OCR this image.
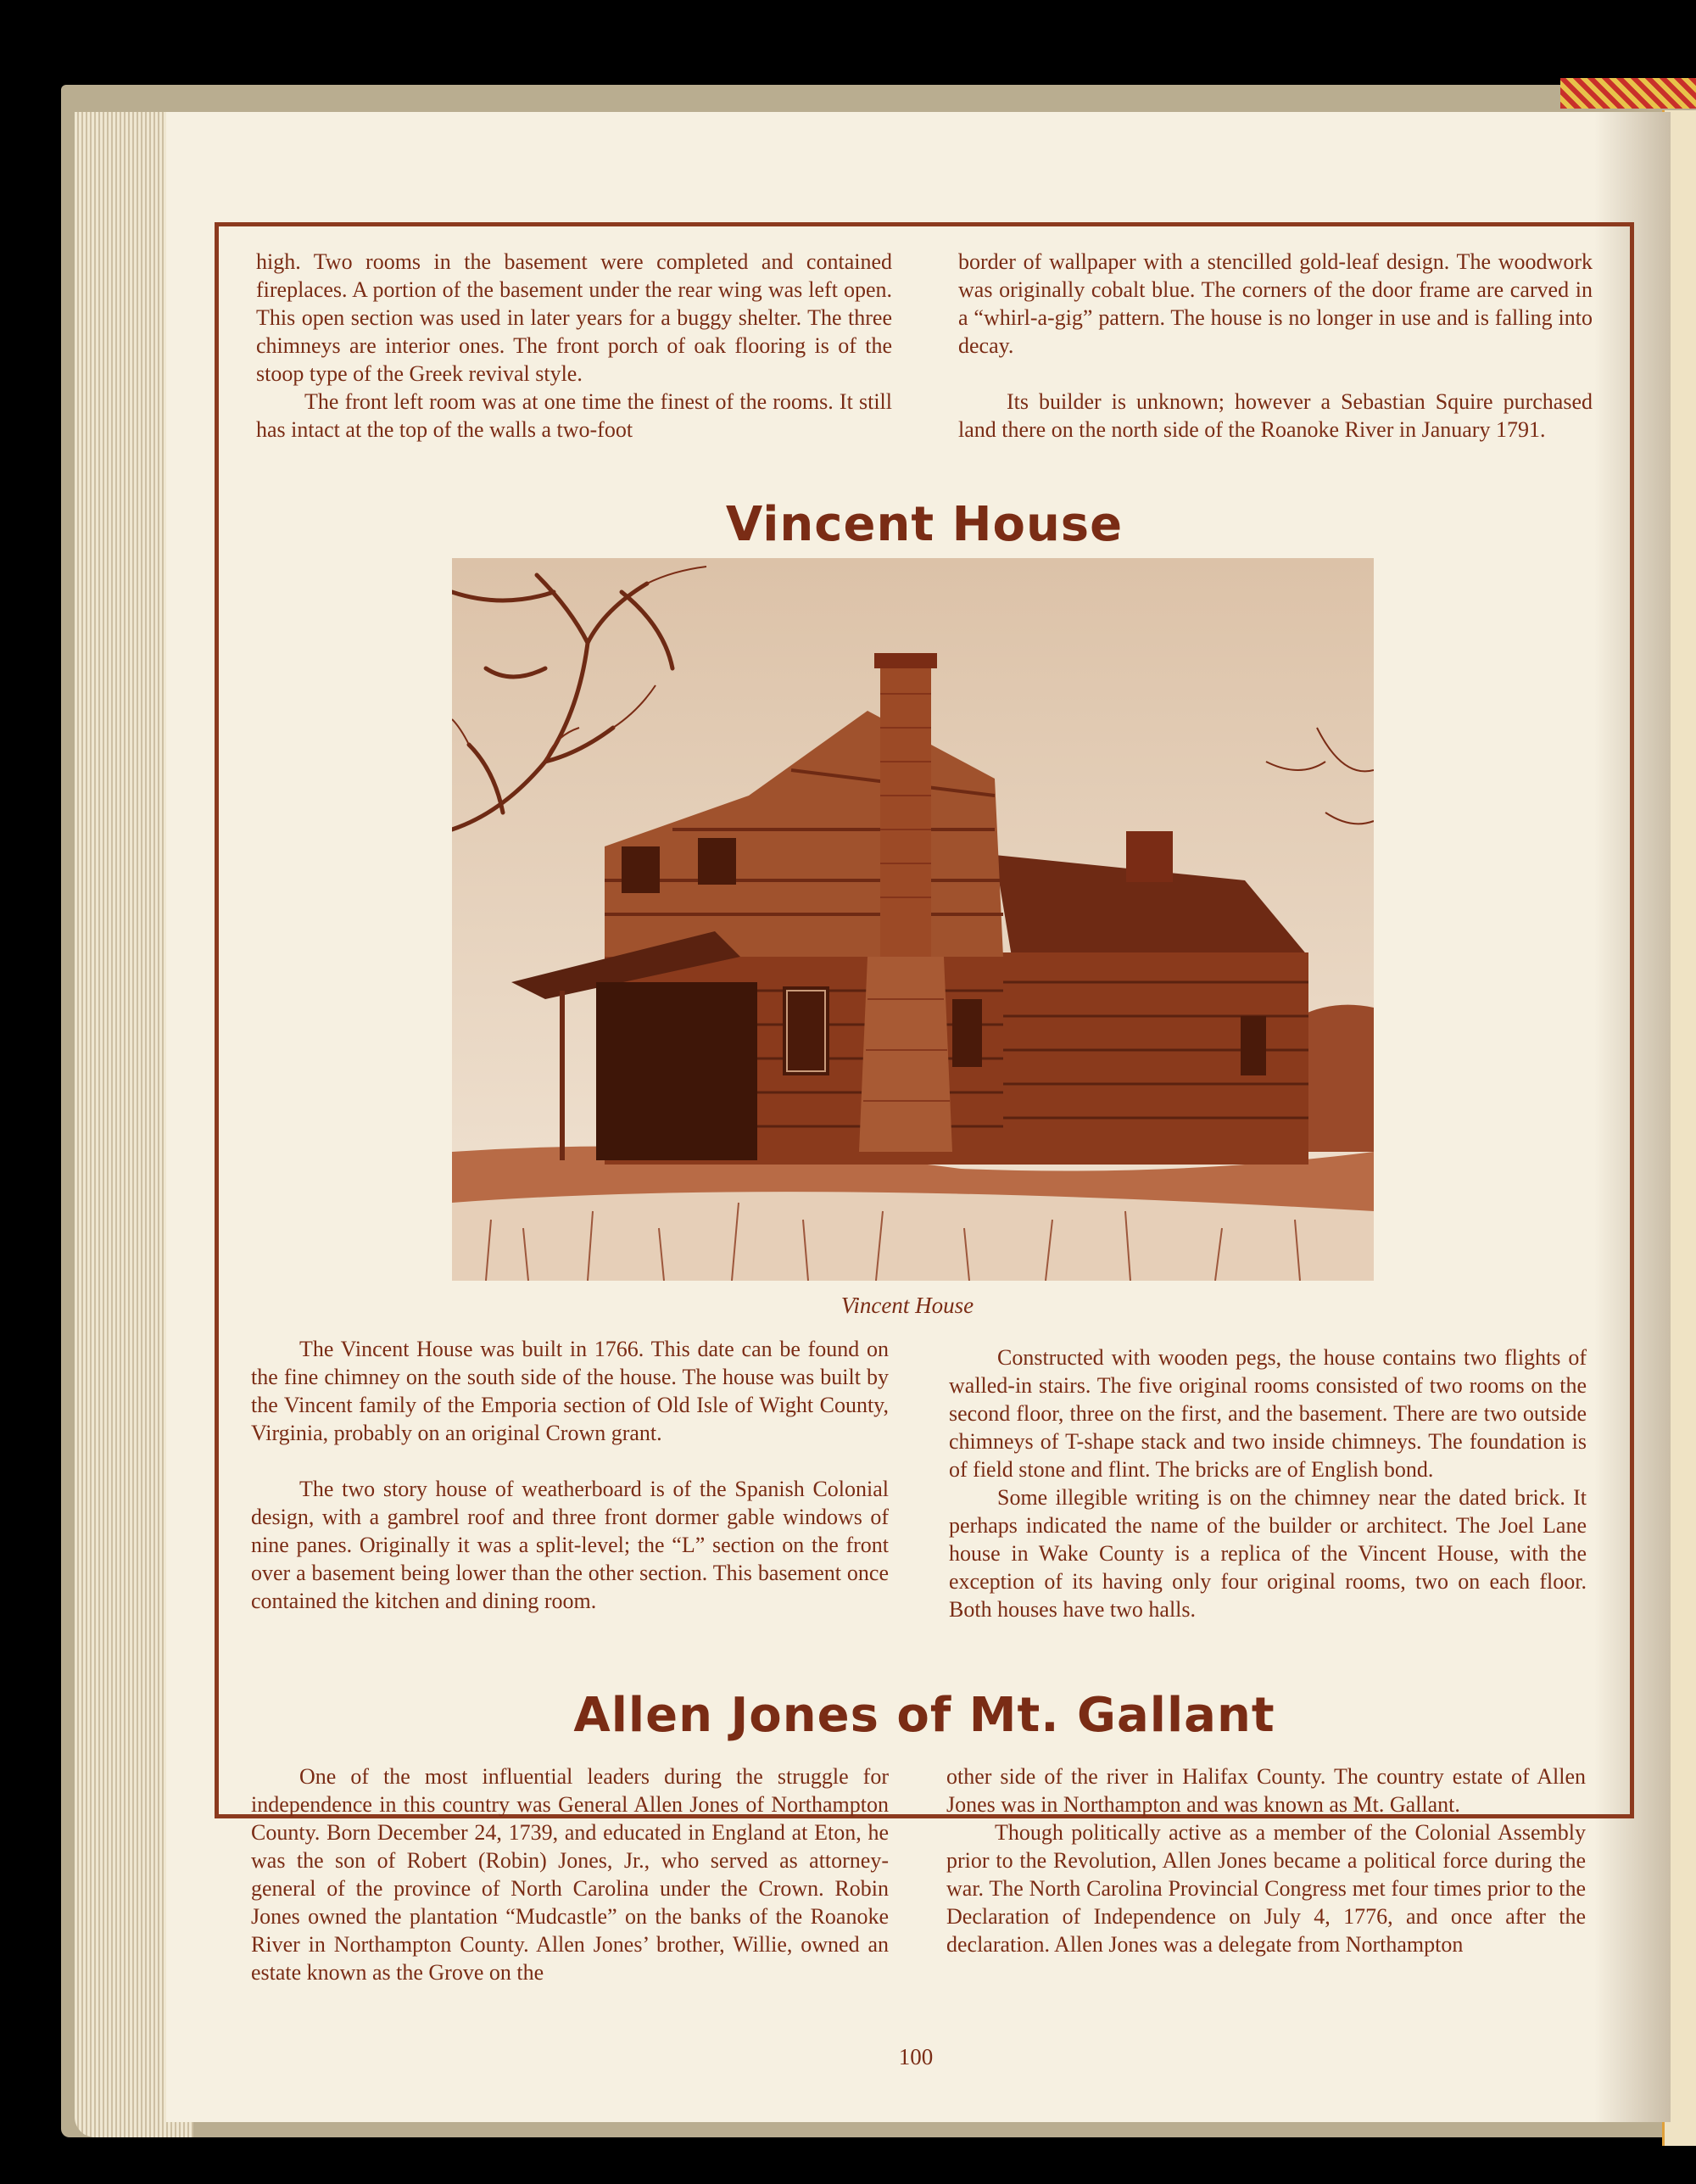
high. Two rooms in the basement were completed and contained fireplaces. A portion of the basement under the rear wing was left open. This open section was used in later years for a buggy shelter. The three chimneys are interior ones. The front porch of oak flooring is of the stoop type of the Greek revival style.

The front left room was at one time the finest of the rooms. It still has intact at the top of the walls a two-foot

border of wallpaper with a stencilled gold-leaf design. The woodwork was originally cobalt blue. The corners of the door frame are carved in a “whirl-a-gig” pattern. The house is no longer in use and is falling into decay.

Its builder is unknown; however a Sebastian Squire purchased land there on the north side of the Roanoke River in January 1791.

Vincent House
Vincent House

The Vincent House was built in 1766. This date can be found on the fine chimney on the south side of the house. The house was built by the Vincent family of the Emporia section of Old Isle of Wight County, Virginia, probably on an original Crown grant.

The two story house of weatherboard is of the Spanish Colonial design, with a gambrel roof and three front dormer gable windows of nine panes. Originally it was a split-level; the “L” section on the front over a basement being lower than the other section. This basement once contained the kitchen and dining room.

Constructed with wooden pegs, the house contains two flights of walled-in stairs. The five original rooms consisted of two rooms on the second floor, three on the first, and the basement. There are two outside chimneys of T-shape stack and two inside chimneys. The foundation is of field stone and flint. The bricks are of English bond.

Some illegible writing is on the chimney near the dated brick. It perhaps indicated the name of the builder or architect. The Joel Lane house in Wake County is a replica of the Vincent House, with the exception of its having only four original rooms, two on each floor. Both houses have two halls.

Allen Jones of Mt. Gallant

One of the most influential leaders during the struggle for independence in this country was General Allen Jones of Northampton County. Born December 24, 1739, and educated in England at Eton, he was the son of Robert (Robin) Jones, Jr., who served as attorney-general of the province of North Carolina under the Crown. Robin Jones owned the plantation “Mudcastle” on the banks of the Roanoke River in Northampton County. Allen Jones’ brother, Willie, owned an estate known as the Grove on the

other side of the river in Halifax County. The country estate of Allen Jones was in Northampton and was known as Mt. Gallant.

Though politically active as a member of the Colonial Assembly prior to the Revolution, Allen Jones became a political force during the war. The North Carolina Provincial Congress met four times prior to the Declaration of Independence on July 4, 1776, and once after the declaration. Allen Jones was a delegate from Northampton

100
